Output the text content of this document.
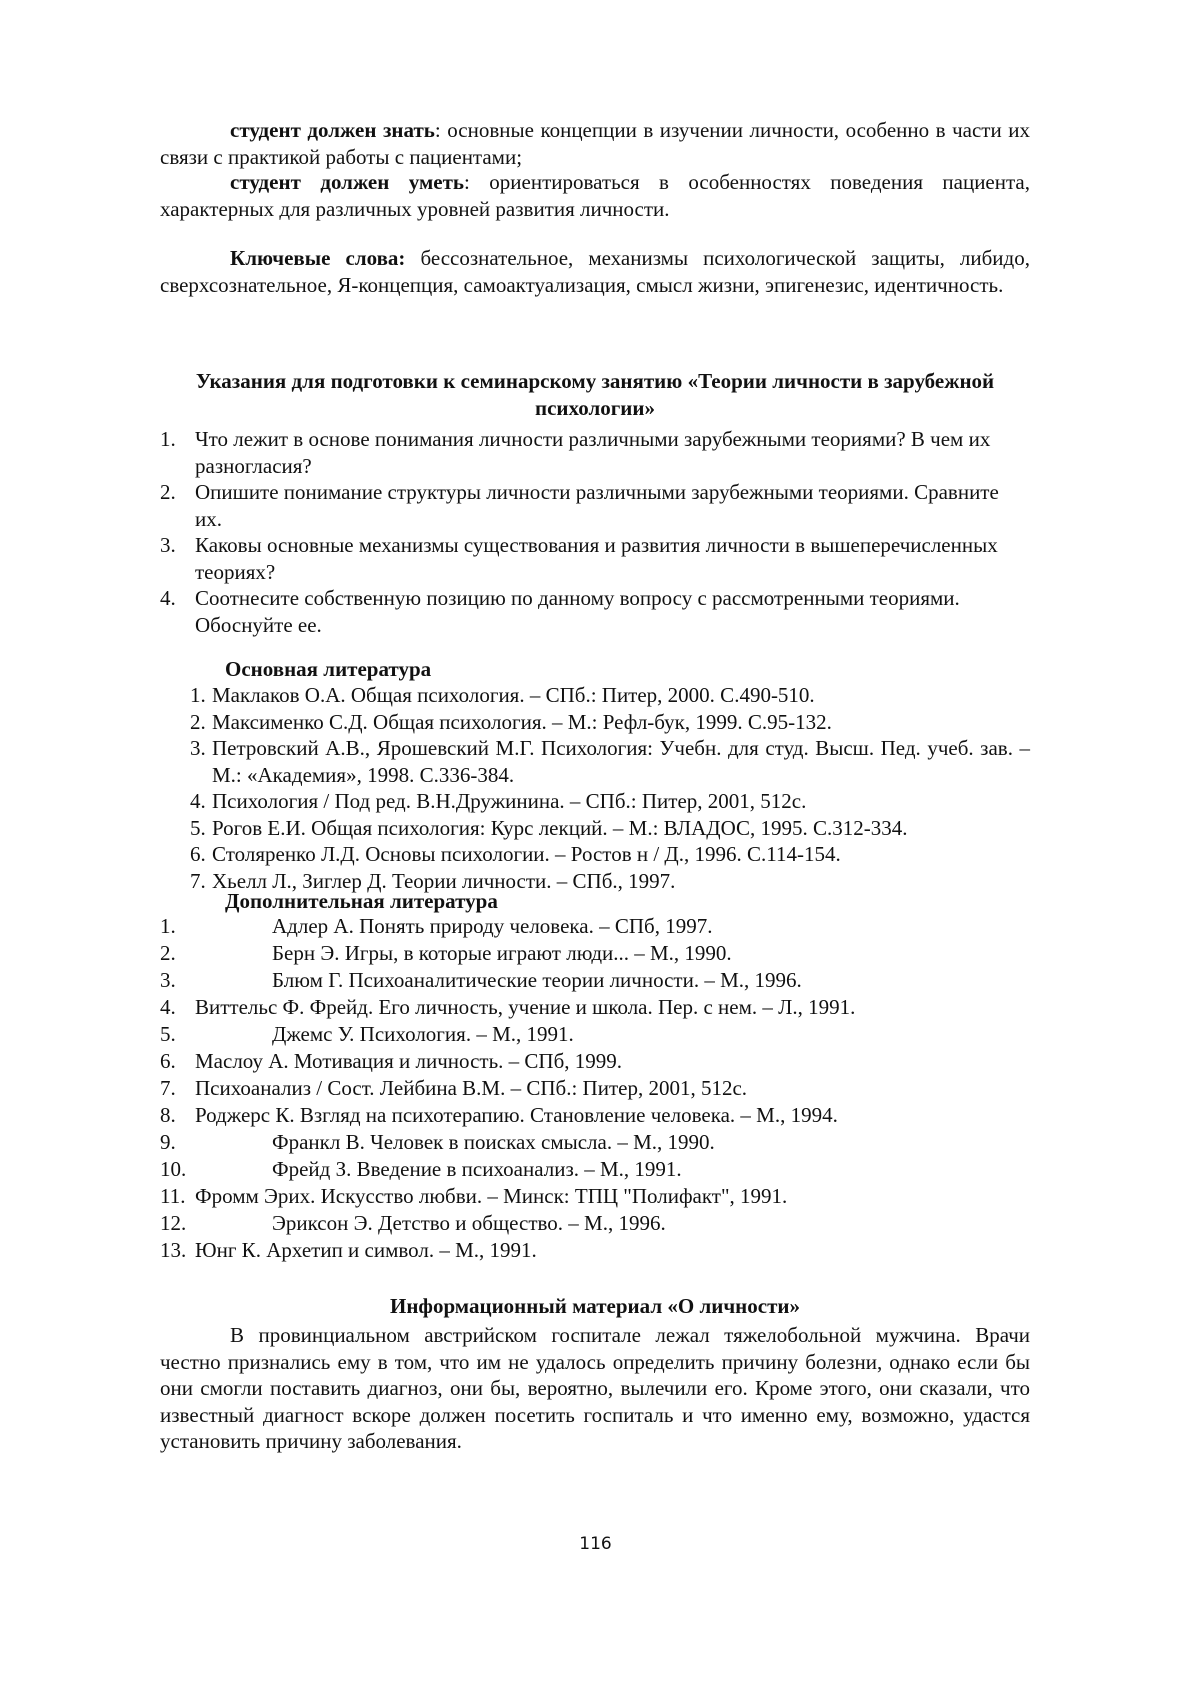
студент должен знать: основные концепции в изучении личности, особенно в части их связи с практикой работы с пациентами;
студент должен уметь: ориентироваться в особенностях поведения пациента, характерных для различных уровней развития личности.
Ключевые слова: бессознательное, механизмы психологической защиты, либидо, сверхсознательное, Я-концепция, самоактуализация, смысл жизни, эпигенезис, идентичность.
Указания для подготовки к семинарскому занятию «Теории личности в зарубежной психологии»
1. Что лежит в основе понимания личности различными зарубежными теориями? В чем их разногласия?
2. Опишите понимание структуры личности различными зарубежными теориями. Сравните их.
3. Каковы основные механизмы существования и развития личности в вышеперечисленных теориях?
4. Соотнесите собственную позицию по данному вопросу с рассмотренными теориями. Обоснуйте ее.
Основная литература
1. Маклаков О.А. Общая психология. – СПб.: Питер, 2000. С.490-510.
2. Максименко С.Д. Общая психология. – М.: Рефл-бук, 1999. С.95-132.
3. Петровский А.В., Ярошевский М.Г. Психология: Учебн. для студ. Высш. Пед. учеб. зав. – М.: «Академия», 1998. С.336-384.
4. Психология / Под ред. В.Н.Дружинина. – СПб.: Питер, 2001, 512с.
5. Рогов Е.И. Общая психология: Курс лекций. – М.: ВЛАДОС, 1995. С.312-334.
6. Столяренко Л.Д. Основы психологии. – Ростов н / Д., 1996. С.114-154.
7. Хьелл Л., Зиглер Д. Теории личности. – СПб., 1997.
Дополнительная литература
1.	Адлер А. Понять природу человека. – СПб, 1997.
2.	Берн Э. Игры, в которые играют люди... – М., 1990.
3.	Блюм Г. Психоаналитические теории личности. – М., 1996.
4. Виттельс Ф. Фрейд. Его личность, учение и школа. Пер. с нем. – Л., 1991.
5.	Джемс У. Психология. – М., 1991.
6. Маслоу А. Мотивация и личность. – СПб, 1999.
7. Психоанализ / Сост. Лейбина В.М. – СПб.: Питер, 2001, 512с.
8. Роджерс К. Взгляд на психотерапию. Становление человека. – М., 1994.
9.	Франкл В. Человек в поисках смысла. – М., 1990.
10.	Фрейд З. Введение в психоанализ. – М., 1991.
11. Фромм Эрих. Искусство любви. – Минск: ТПЦ "Полифакт", 1991.
12.	Эриксон Э. Детство и общество. – М., 1996.
13. Юнг К. Архетип и символ. – М., 1991.
Информационный материал «О личности»
В провинциальном австрийском госпитале лежал тяжелобольной мужчина. Врачи честно признались ему в том, что им не удалось определить причину болезни, однако если бы они смогли поставить диагноз, они бы, вероятно, вылечили его. Кроме этого, они сказали, что известный диагност вскоре должен посетить госпиталь и что именно ему, возможно, удастся установить причину заболевания.
116
